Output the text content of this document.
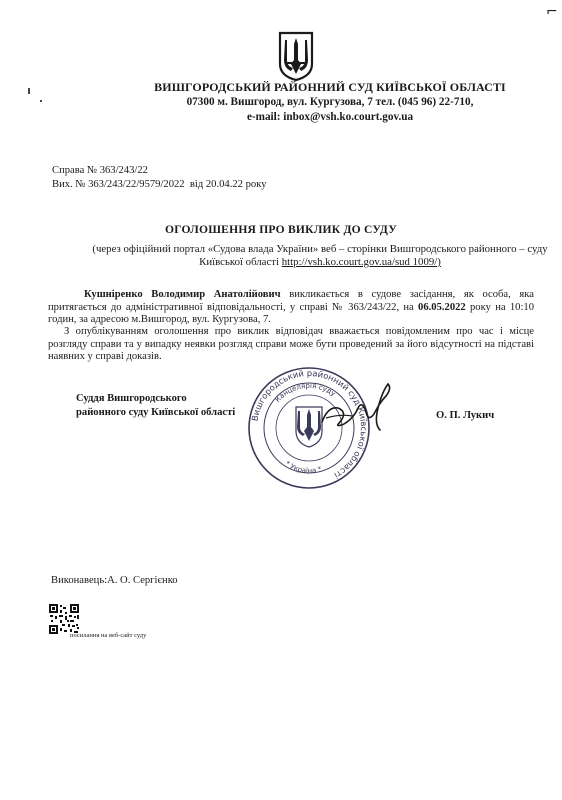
⌐
ВИШГОРОДСЬКИЙ РАЙОННИЙ СУД КИЇВСЬКОЇ ОБЛАСТІ
07300 м. Вишгород, вул. Кургузова, 7 тел. (045 96) 22-710,
e-mail: inbox@vsh.ko.court.gov.ua
Справа № 363/243/22
Вих. № 363/243/22/9579/2022 від 20.04.22 року
ОГОЛОШЕННЯ ПРО ВИКЛИК ДО СУДУ
(через офіційний портал «Судова влада України» веб – сторінки Вишгородського районного – суду Київської області http://vsh.ko.court.gov.ua/sud 1009/)
Кушніренко Володимир Анатолійович викликається в судове засідання, як особа, яка притягається до адміністративної відповідальності, у справі № 363/243/22, на 06.05.2022 року на 10:10 годин, за адресою м.Вишгород, вул. Кургузова, 7.
З опублікуванням оголошення про виклик відповідач вважається повідомленим про час і місце розгляду справи та у випадку неявки розгляд справи може бути проведений за його відсутності на підставі наявних у справі доказів.
Вишгородський районний суд Київської області
Канцелярія суду
* Україна *
Суддя Вишгородського
районного суду Київської області	О. П. Лукич
Виконавець:А. О. Сергієнко
посилання на веб-сайт суду
